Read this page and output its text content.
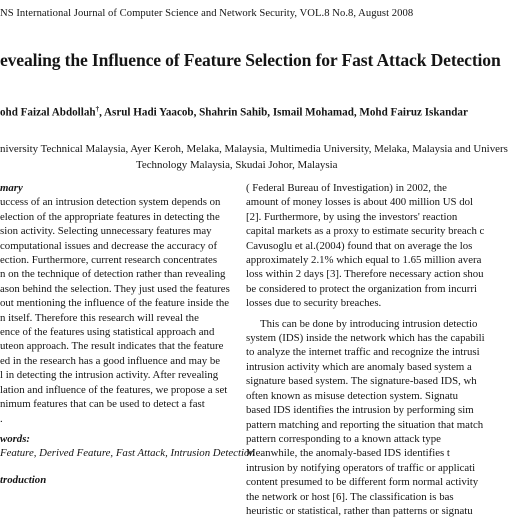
NS International Journal of Computer Science and Network Security, VOL.8 No.8, August 2008
evealing the Influence of Feature Selection for Fast Attack Detection
ohd Faizal Abdollah†, Asrul Hadi Yaacob, Shahrin Sahib, Ismail Mohamad, Mohd Fairuz Iskandar
niversity Technical Malaysia, Ayer Keroh, Melaka, Malaysia, Multimedia University, Melaka, Malaysia and Univers
Technology Malaysia, Skudai Johor, Malaysia
mary
uccess of an intrusion detection system depends on
election of the appropriate features in detecting the
sion activity. Selecting unnecessary features may
computational issues and decrease the accuracy of
ection. Furthermore, current research concentrates
n on the technique of detection rather than revealing
ason behind the selection. They just used the features
out mentioning the influence of the feature inside the
n itself. Therefore this research will reveal the
ence of the features using statistical approach and
uteon approach. The result indicates that the feature
ed in the research has a good influence and may be
l in detecting the intrusion activity. After revealing
lation and influence of the features, we propose a set
nimum features that can be used to detect a fast
.
words:
Feature, Derived Feature, Fast Attack, Intrusion Detection
troduction
( Federal Bureau of Investigation) in 2002, the
amount of money losses is about 400 million US dol
[2]. Furthermore, by using the investors' reaction
capital markets as a proxy to estimate security breach c
Cavusoglu et al.(2004) found that on average the los
approximately 2.1% which equal to 1.65 million avera
loss within 2 days [3]. Therefore necessary action shou
be considered to protect the organization from incurri
losses due to security breaches.
This can be done by introducing intrusion detectio
system (IDS) inside the network which has the capabili
to analyze the internet traffic and recognize the intrusi
intrusion activity which are anomaly based system a
signature based system. The signature-based IDS, wh
often known as misuse detection system. Signatu
based IDS identifies the intrusion by performing sim
pattern matching and reporting the situation that match
pattern corresponding to a known attack type
Meanwhile, the anomaly-based IDS identifies t
intrusion by notifying operators of traffic or applicati
content presumed to be different form normal activity
the network or host [6]. The classification is bas
heuristic or statistical, rather than patterns or signatu
